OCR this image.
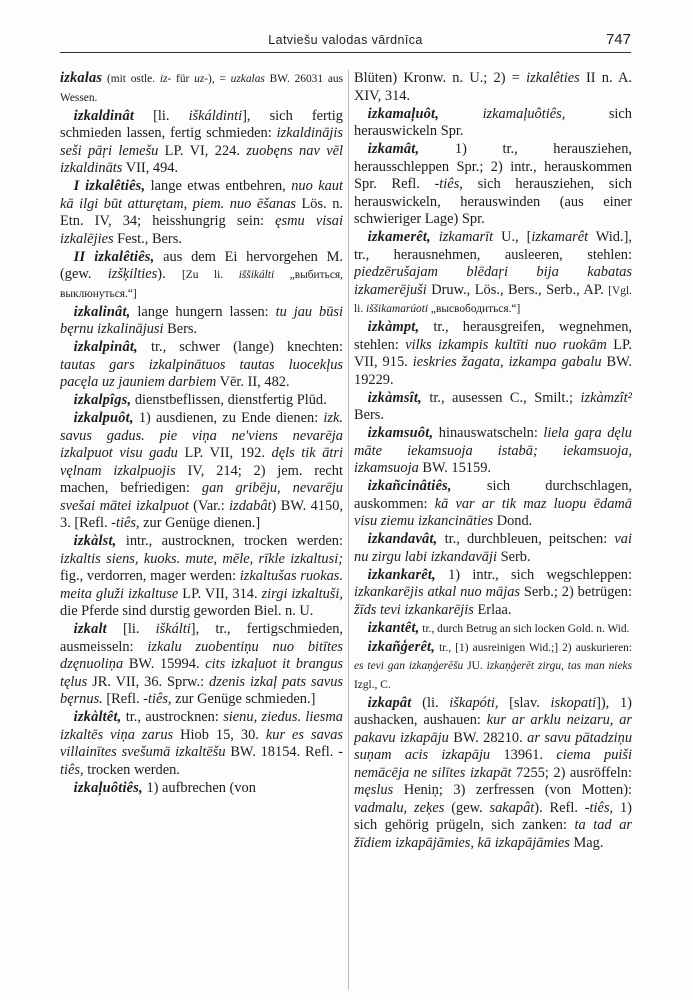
Latviešu valodas vārdnīca	747

izkalas (mit ostle. iz- für uz-), = uzkalas BW. 26031 aus Wessen.

izkaldinât [li. iškáldinti], sich fertig schmieden lassen, fertig schmieden: izkaldinājis seši pāŗi lemešu LP. VI, 224. zuobęns nav vēl izkaldināts VII, 494.

I izkalêtiês, lange etwas entbehren, nuo kaut kā ilgi būt atturętam, piem. nuo ēšanas Lös. n. Etn. IV, 34; heisshungrig sein: ęsmu visai izkalējies Fest., Bers.

II izkalêtiês, aus dem Ei hervorgehen M. (gew. izšķilties). [Zu li. iššikálti „выбиться, выклюнуться.“]

izkalinât, lange hungern lassen: tu jau būsi bęrnu izkalinājusi Bers.

izkalpinât, tr., schwer (lange) knechten: tautas gars izkalpinātuos tautas luocekļus pacęla uz jauniem darbiem Vēr. II, 482.

izkalpîgs, dienstbeflissen, dienstfertig Plūd.

izkalpuôt, 1) ausdienen, zu Ende dienen: izk. savus gadus. pie viņa ne'viens nevarēja izkalpuot visu gadu LP. VII, 192. dęls tik ātri vęlnam izkalpuojis IV, 214; 2) jem. recht machen, befriedigen: gan gribēju, nevarēju svešai mātei izkalpuot (Var.: izdabât) BW. 4150, 3. [Refl. -tiês, zur Genüge dienen.]

izkàlst, intr., austrocknen, trocken werden: izkaltis siens, kuoks. mute, mēle, rīkle izkaltusi; fig., verdorren, mager werden: izkaltušas ruokas. meita gluži izkaltuse LP. VII, 314. zirgi izkaltuši, die Pferde sind durstig geworden Biel. n. U.

izkalt [li. iškálti], tr., fertigschmieden, ausmeisseln: izkalu zuobentiņu nuo bitītes dzęnuoliņa BW. 15994. cits izkaļuot it brangus tęlus JR. VII, 36. Sprw.: dzenis izkaļ pats savus bęrnus. [Refl. -tiês, zur Genüge schmieden.]

izkàltêt, tr., austrocknen: sienu, ziedus. liesma izkaltēs viņa zarus Hiob 15, 30. kur es savas villainītes svešumā izkaltēšu BW. 18154. Refl. -tiês, trocken werden.

izkaļuôtiês, 1) aufbrechen (von

Blüten) Kronw. n. U.; 2) = izkalêties II n. A. XIV, 314.

izkamaļuôt,	izkamaļuôtiês, sich herauswickeln Spr.

izkamât, 1) tr., herausziehen, herausschleppen Spr.; 2) intr., herauskommen Spr. Refl. -tiês, sich herausziehen, sich herauswickeln, herauswinden (aus einer schwieriger Lage) Spr.

izkamerêt, izkamarīt U., [izkamarêt Wid.], tr., herausnehmen, ausleeren, stehlen: piedzērušajam blēdaŗi bija kabatas izkamerējuši Druw., Lös., Bers., Serb., AP. [Vgl. li. iššikamarúoti „высвободиться.“]

izkàmpt, tr., herausgreifen, wegnehmen, stehlen: vilks izkampis kultīti nuo ruokām LP. VII, 915. ieskries žagata, izkampa gabalu BW. 19229.

izkàmsît, tr., ausessen C., Smilt.; izkàmzît² Bers.

izkamsuôt, hinauswatscheln: liela gaŗa dęlu māte iekamsuoja istabā; iekamsuoja, izkamsuoja BW. 15159.

izkañcinâtiês, sich durchschlagen, auskommen: kā var ar tik maz luopu ēdamā visu ziemu izkancināties Dond.

izkandavât, tr., durchbleuen, peitschen: vai nu zirgu labi izkandavāji Serb.

izkankarêt, 1) intr., sich wegschleppen: izkankarējis atkal nuo mājas Serb.; 2) betrügen: žīds tevi izkankarējis Erlaa.

izkantêt, tr., durch Betrug an sich locken Gold. n. Wid.

izkañģerêt, tr., [1) ausreinigen Wid.;] 2) auskurieren: es tevi gan izkaņģerēšu JU. izkaņģerēt zirgu, tas man nieks Izgl., C.

izkapât (li. iškapóti, [slav. iskopati]), 1) aushacken, aushauen: kur ar arklu neizaru, ar pakavu izkapāju BW. 28210. ar savu pātadziņu suņam acis izkapāju 13961. ciema puiši nemācēja ne silītes izkapāt 7255; 2) ausröffeln: męslus Heniņ; 3) zerfressen (von Motten): vadmalu, zeķes (gew. sakapât). Refl. -tiês, 1) sich gehörig prügeln, sich zanken: ta tad ar žīdiem izkapājāmies, kā izkapājāmies Mag.
